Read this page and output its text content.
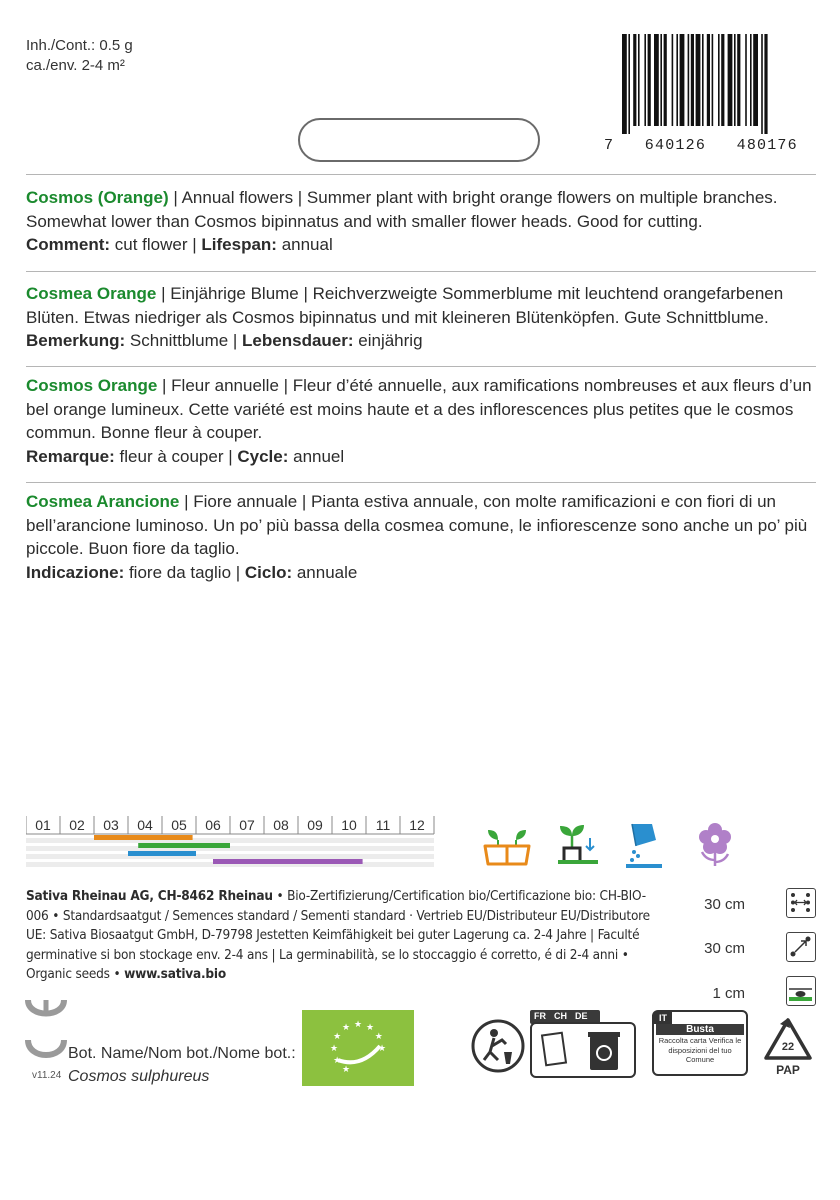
Inh./Cont.: 0.5 g
ca./env. 2-4 m²
7   640126   480176
Cosmos (Orange) | Annual flowers | Summer plant with bright orange flowers on multiple branches. Somewhat lower than Cosmos bipinnatus and with smaller flower heads. Good for cutting.
Comment: cut flower | Lifespan: annual
Cosmea Orange | Einjährige Blume | Reichverzweigte Sommerblume mit leuchtend orangefarbenen Blüten. Etwas niedriger als Cosmos bipinnatus und mit kleineren Blütenköpfen. Gute Schnittblume.
Bemerkung: Schnittblume | Lebensdauer: einjährig
Cosmos Orange | Fleur annuelle | Fleur d’été annuelle, aux ramifications nombreuses et aux fleurs d’un bel orange lumineux. Cette variété est moins haute et a des inflorescences plus petites que le cosmos commun. Bonne fleur à couper.
Remarque: fleur à couper | Cycle: annuel
Cosmea Arancione | Fiore annuale | Pianta estiva annuale, con molte ramificazioni e con fiori di un bell’arancione luminoso. Un po’ più bassa della cosmea comune, le infiorescenze sono anche un po’ più piccole. Buon fiore da taglio.
Indicazione: fiore da taglio | Ciclo: annuale
01 02 03 04 05 06 07 08 09 10 11 12
Sativa Rheinau AG, CH-8462 Rheinau • Bio-Zertifizierung/Certification bio/Certificazione bio: CH-BIO-006 • Standardsaatgut / Semences standard / Sementi standard · Vertrieb EU/Distributeur EU/Distributore UE: Sativa Biosaatgut GmbH, D-79798 Jestetten Keimfähigkeit bei guter Lagerung ca. 2-4 Jahre | Faculté germinative si bon stockage env. 2-4 ans | La germinabilità, se lo stoccaggio é corretto, é di 2-4 anni • Organic seeds • www.sativa.bio
30 cm
30 cm
1 cm
Bot. Name/Nom bot./Nome bot.:
Cosmos sulphureus
v11.24
★ ★
★
★
★
★
★
★
★
FR CH DE	IT
Busta
Raccolta carta Verifica le disposizioni del tuo Comune
22
PAP
